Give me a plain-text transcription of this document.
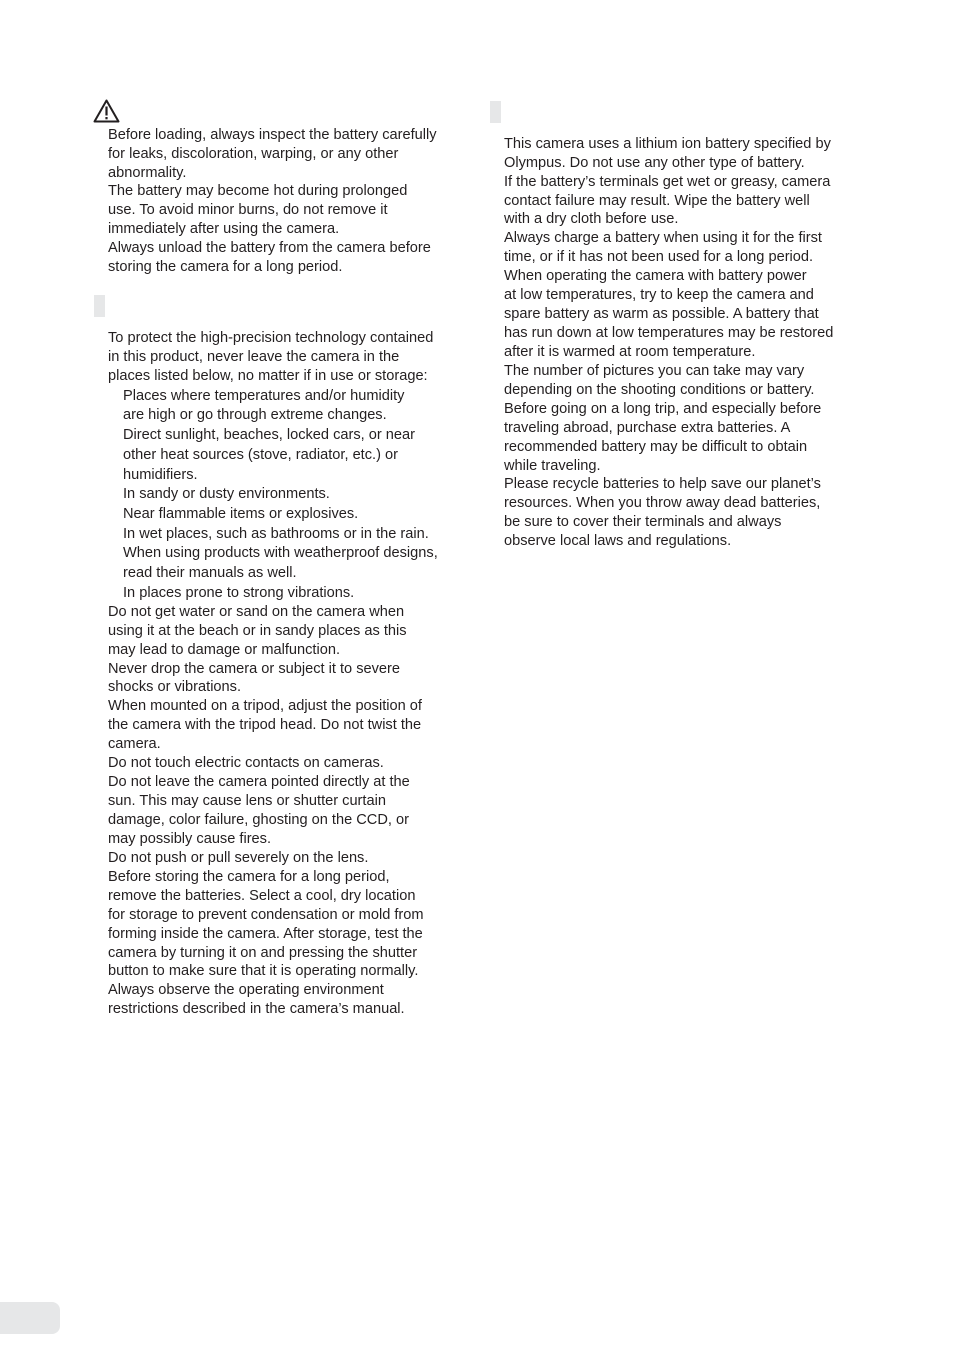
Before loading, always inspect the battery carefully
for leaks, discoloration, warping, or any other
abnormality.
The battery may become hot during prolonged
use. To avoid minor burns, do not remove it
immediately after using the camera.
Always unload the battery from the camera before
storing the camera for a long period.
To protect the high-precision technology contained
in this product, never leave the camera in the
places listed below, no matter if in use or storage:
Places where temperatures and/or humidity
are high or go through extreme changes.
Direct sunlight, beaches, locked cars, or near
other heat sources (stove, radiator, etc.) or
humidifiers.
In sandy or dusty environments.
Near flammable items or explosives.
In wet places, such as bathrooms or in the rain.
When using products with weatherproof designs,
read their manuals as well.
In places prone to strong vibrations.
Do not get water or sand on the camera when
using it at the beach or in sandy places as this
may lead to damage or malfunction.
Never drop the camera or subject it to severe
shocks or vibrations.
When mounted on a tripod, adjust the position of
the camera with the tripod head. Do not twist the
camera.
Do not touch electric contacts on cameras.
Do not leave the camera pointed directly at the
sun. This may cause lens or shutter curtain
damage, color failure, ghosting on the CCD, or
may possibly cause fires.
Do not push or pull severely on the lens.
Before storing the camera for a long period,
remove the batteries. Select a cool, dry location
for storage to prevent condensation or mold from
forming inside the camera. After storage, test the
camera by turning it on and pressing the shutter
button to make sure that it is operating normally.
Always observe the operating environment
restrictions described in the camera’s manual.
This camera uses a lithium ion battery specified by
Olympus. Do not use any other type of battery.
If the battery’s terminals get wet or greasy, camera
contact failure may result. Wipe the battery well
with a dry cloth before use.
Always charge a battery when using it for the first
time, or if it has not been used for a long period.
When operating the camera with battery power
at low temperatures, try to keep the camera and
spare battery as warm as possible. A battery that
has run down at low temperatures may be restored
after it is warmed at room temperature.
The number of pictures you can take may vary
depending on the shooting conditions or battery.
Before going on a long trip, and especially before
traveling abroad, purchase extra batteries. A
recommended battery may be difficult to obtain
while traveling.
Please recycle batteries to help save our planet’s
resources. When you throw away dead batteries,
be sure to cover their terminals and always
observe local laws and regulations.
